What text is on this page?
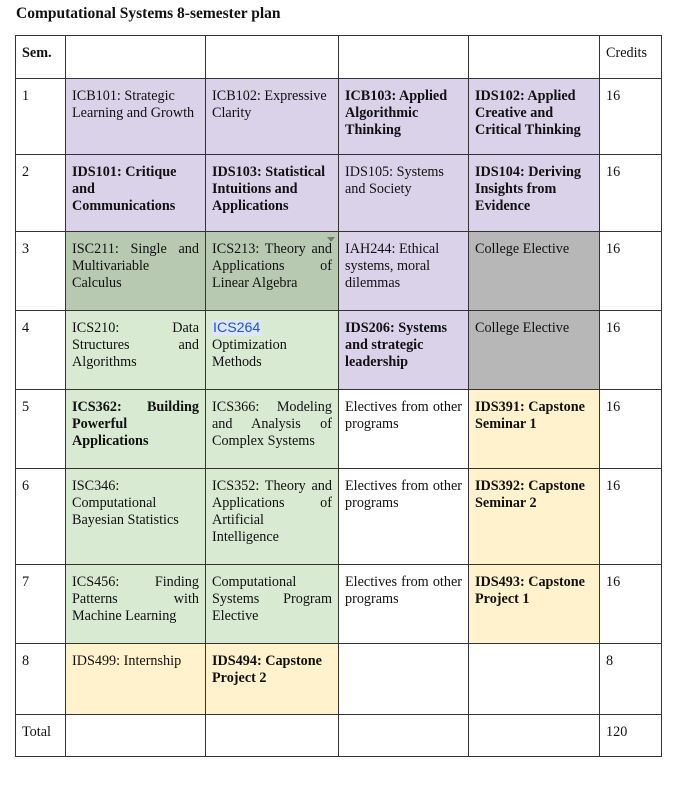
Computational Systems 8-semester plan
Sem.					Credits
1	ICB101: Strategic Learning and Growth	ICB102: Expressive Clarity	ICB103: Applied Algorithmic Thinking	IDS102: Applied Creative and Critical Thinking	16
2	IDS101: Critique and Communications	IDS103: Statistical Intuitions and Applications	IDS105: Systems and Society	IDS104: Deriving Insights from Evidence	16
3	ISC211: Single and Multivariable Calculus	ICS213: Theory and Applications of Linear Algebra	IAH244: Ethical systems, moral dilemmas	College Elective	16
4	ICS210: Data Structures and Algorithms	ICS264 Optimization Methods	IDS206: Systems and strategic leadership	College Elective	16
5	ICS362: Building Powerful Applications	ICS366: Modeling and Analysis of Complex Systems	Electives from other programs	IDS391: Capstone Seminar 1	16
6	ISC346: Computational Bayesian Statistics	ICS352: Theory and Applications of Artificial Intelligence	Electives from other programs	IDS392: Capstone Seminar 2	16
7	ICS456: Finding Patterns with Machine Learning	Computational Systems Program Elective	Electives from other programs	IDS493: Capstone Project 1	16
8	IDS499: Internship	IDS494: Capstone Project 2			8
Total					120
